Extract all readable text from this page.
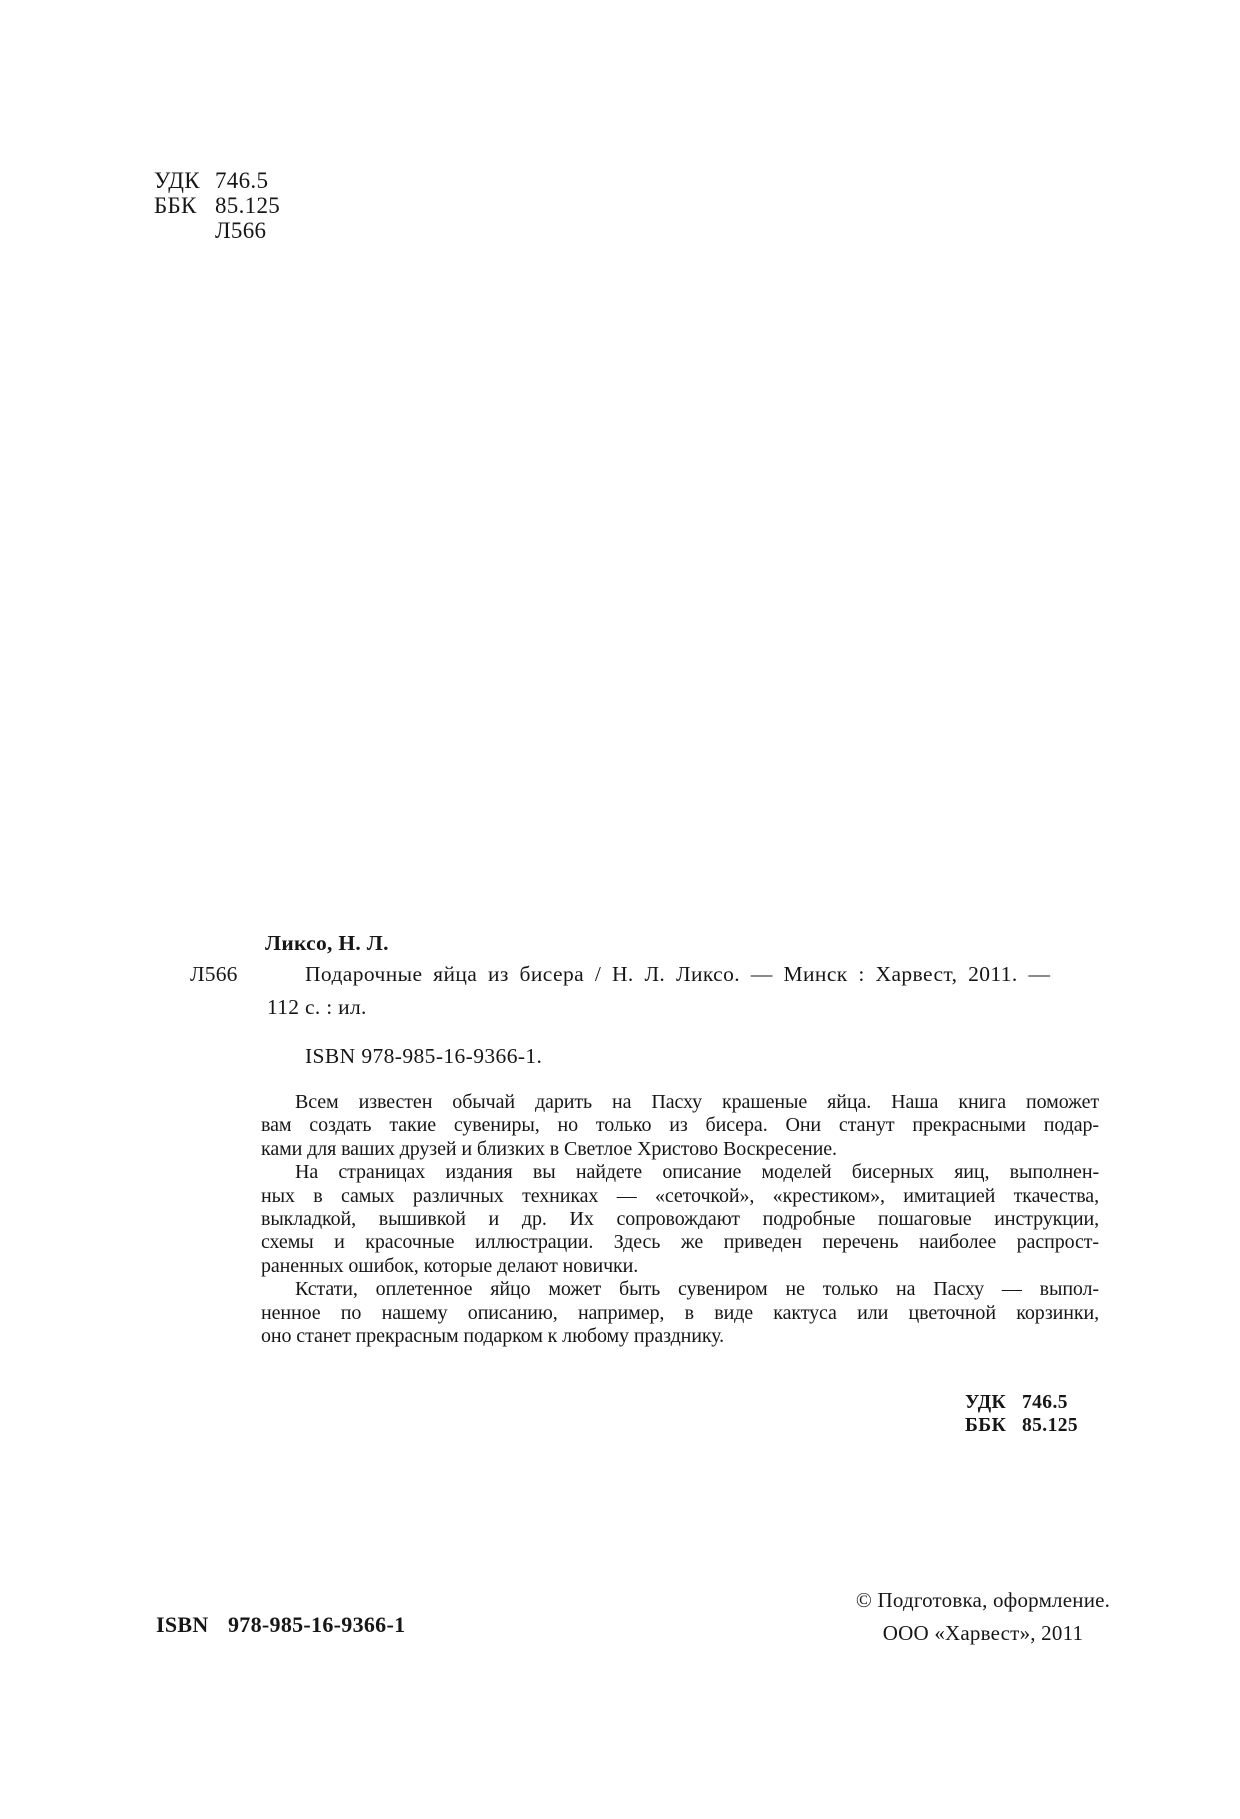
УДК 746.5
ББК 85.125
Л566
Ликсо, Н. Л.
Л566	Подарочные яйца из бисера / Н. Л. Ликсо. — Минск : Харвест, 2011. —
112 с. : ил.
ISBN 978-985-16-9366-1.
Всем известен обычай дарить на Пасху крашеные яйца. Наша книга поможет
вам создать такие сувениры, но только из бисера. Они станут прекрасными подар-
ками для ваших друзей и близких в Светлое Христово Воскресение.
На страницах издания вы найдете описание моделей бисерных яиц, выполнен-
ных в самых различных техниках — «сеточкой», «крестиком», имитацией ткачества,
выкладкой, вышивкой и др. Их сопровождают подробные пошаговые инструкции,
схемы и красочные иллюстрации. Здесь же приведен перечень наиболее распрост-
раненных ошибок, которые делают новички.
Кстати, оплетенное яйцо может быть сувениром не только на Пасху — выпол-
ненное по нашему описанию, например, в виде кактуса или цветочной корзинки,
оно станет прекрасным подарком к любому празднику.
УДК 746.5
ББК 85.125
ISBN 978-985-16-9366-1
© Подготовка, оформление.
ООО «Харвест», 2011
